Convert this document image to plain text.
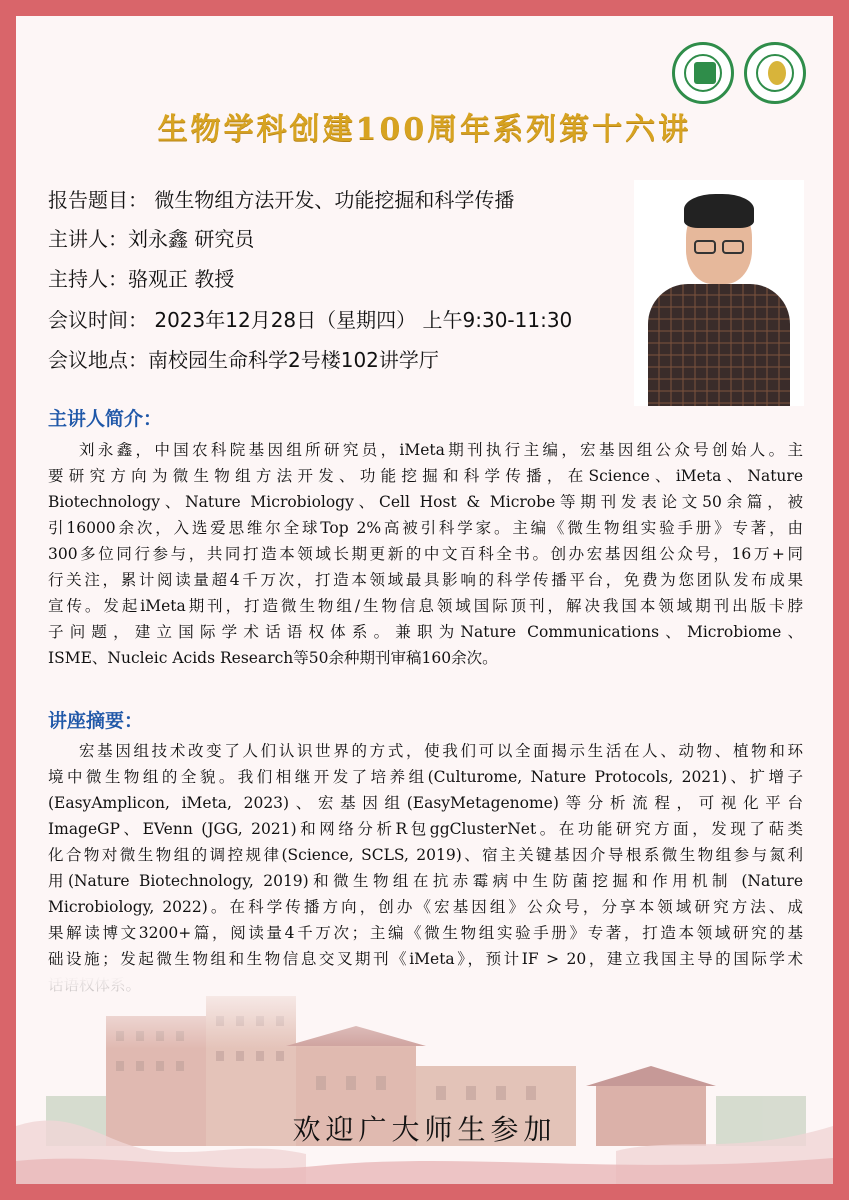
生物学科创建100周年系列第十六讲
报告题目： 微生物组方法开发、功能挖掘和科学传播
主讲人：刘永鑫 研究员
主持人：骆观正 教授
会议时间： 2023年12月28日（星期四） 上午9:30-11:30
会议地点：南校园生命科学2号楼102讲学厅
主讲人简介：
刘永鑫，中国农科院基因组所研究员，iMeta期刊执行主编，宏基因组公众号创始人。主
要研究方向为微生物组方法开发、功能挖掘和科学传播，在Science、iMeta、Nature
Biotechnology、Nature Microbiology、Cell Host & Microbe等期刊发表论文50余篇，被
引16000余次，入选爱思维尔全球Top 2%高被引科学家。主编《微生物组实验手册》专著，由
300多位同行参与，共同打造本领域长期更新的中文百科全书。创办宏基因组公众号，16万+同
行关注，累计阅读量超4千万次，打造本领域最具影响的科学传播平台，免费为您团队发布成果
宣传。发起iMeta期刊，打造微生物组/生物信息领域国际顶刊，解决我国本领域期刊出版卡脖
子问题，建立国际学术话语权体系。兼职为Nature Communications、Microbiome、
ISME、Nucleic Acids Research等50余种期刊审稿160余次。
讲座摘要：
宏基因组技术改变了人们认识世界的方式，使我们可以全面揭示生活在人、动物、植物和环
境中微生物组的全貌。我们相继开发了培养组(Culturome, Nature Protocols, 2021)、扩增子
(EasyAmplicon, iMeta, 2023)、宏基因组(EasyMetagenome)等分析流程，可视化平台
ImageGP、EVenn (JGG, 2021)和网络分析R包ggClusterNet。在功能研究方面，发现了萜类
化合物对微生物组的调控规律(Science, SCLS, 2019)、宿主关键基因介导根系微生物组参与氮利
用(Nature Biotechnology, 2019)和微生物组在抗赤霉病中生防菌挖掘和作用机制 (Nature
Microbiology, 2022)。在科学传播方向，创办《宏基因组》公众号，分享本领域研究方法、成
果解读博文3200+篇，阅读量4千万次；主编《微生物组实验手册》专著，打造本领域研究的基
础设施；发起微生物组和生物信息交叉期刊《iMeta》，预计IF > 20，建立我国主导的国际学术
欢迎广大师生参加
